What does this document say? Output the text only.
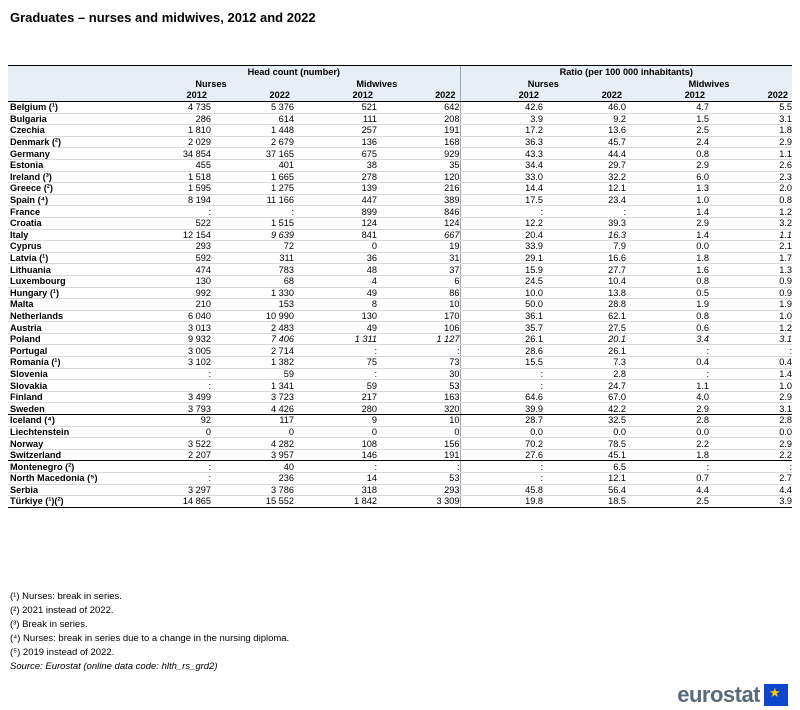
Graduates – nurses and midwives, 2012 and 2022
	Head count (number)				Ratio (per 100 000 inhabitants)			
	Nurses		Midwives		Nurses		Midwives	
	2012	2022	2012	2022	2012	2022	2012	2022
Belgium (¹)	4 735	5 376	521	642	42.6	46.0	4.7	5.5
Bulgaria	286	614	111	208	3.9	9.2	1.5	3.1
Czechia	1 810	1 448	257	191	17.2	13.6	2.5	1.8
Denmark (²)	2 029	2 679	136	168	36.3	45.7	2.4	2.9
Germany	34 854	37 165	675	929	43.3	44.4	0.8	1.1
Estonia	455	401	38	35	34.4	29.7	2.9	2.6
Ireland (³)	1 518	1 665	278	120	33.0	32.2	6.0	2.3
Greece (²)	1 595	1 275	139	216	14.4	12.1	1.3	2.0
Spain (⁴)	8 194	11 166	447	389	17.5	23.4	1.0	0.8
France	:	:	899	846	:	:	1.4	1.2
Croatia	522	1 515	124	124	12.2	39.3	2.9	3.2
Italy	12 154	9 639	841	667	20.4	16.3	1.4	1.1
Cyprus	293	72	0	19	33.9	7.9	0.0	2.1
Latvia (¹)	592	311	36	31	29.1	16.6	1.8	1.7
Lithuania	474	783	48	37	15.9	27.7	1.6	1.3
Luxembourg	130	68	4	6	24.5	10.4	0.8	0.9
Hungary (¹)	992	1 330	49	86	10.0	13.8	0.5	0.9
Malta	210	153	8	10	50.0	28.8	1.9	1.9
Netherlands	6 040	10 990	130	170	36.1	62.1	0.8	1.0
Austria	3 013	2 483	49	106	35.7	27.5	0.6	1.2
Poland	9 932	7 406	1 311	1 127	26.1	20.1	3.4	3.1
Portugal	3 005	2 714	:	:	28.6	26.1	:	:
Romania (¹)	3 102	1 382	75	73	15.5	7.3	0.4	0.4
Slovenia	:	59	:	30	:	2.8	:	1.4
Slovakia	:	1 341	59	53	:	24.7	1.1	1.0
Finland	3 499	3 723	217	163	64.6	67.0	4.0	2.9
Sweden	3 793	4 426	280	320	39.9	42.2	2.9	3.1
Iceland (⁴)	92	117	9	10	28.7	32.5	2.8	2.8
Liechtenstein	0	0	0	0	0.0	0.0	0.0	0.0
Norway	3 522	4 282	108	156	70.2	78.5	2.2	2.9
Switzerland	2 207	3 957	146	191	27.6	45.1	1.8	2.2
Montenegro (²)	:	40	:	:	:	6.5	:	:
North Macedonia (⁵)	:	236	14	53	:	12.1	0.7	2.7
Serbia	3 297	3 786	318	293	45.8	56.4	4.4	4.4
Türkiye (¹)(²)	14 865	15 552	1 842	3 309	19.8	18.5	2.5	3.9
(¹) Nurses: break in series.
(²) 2021 instead of 2022.
(³) Break in series.
(⁴) Nurses: break in series due to a change in the nursing diploma.
(⁵) 2019 instead of 2022.
Source: Eurostat (online data code: hlth_rs_grd2)
eurostat
★
